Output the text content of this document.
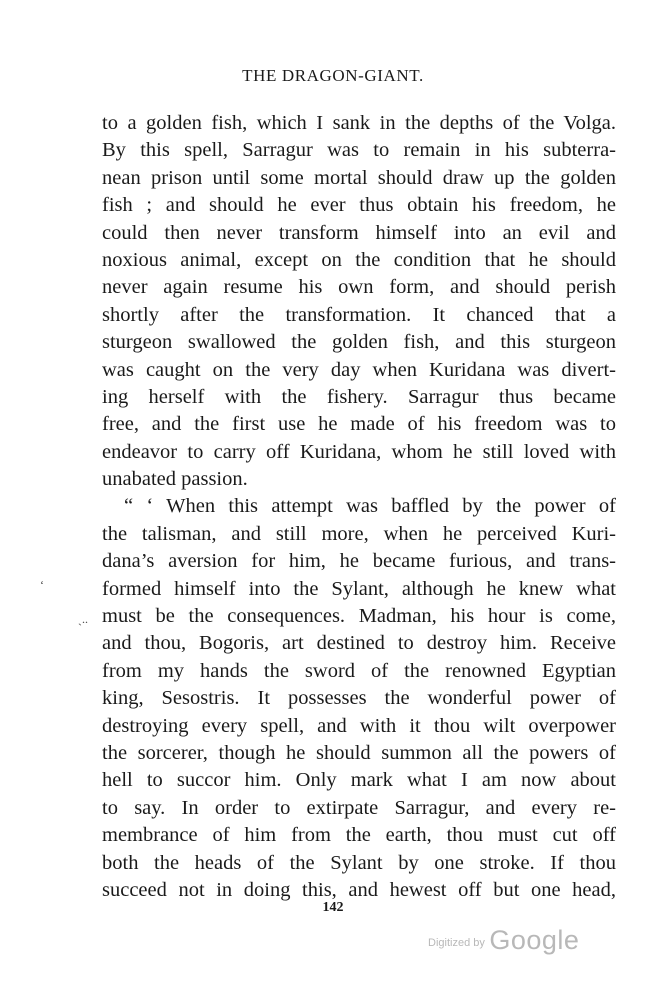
THE DRAGON-GIANT.
to a golden fish, which I sank in the depths of the Volga.
By this spell, Sarragur was to remain in his subterra-
nean prison until some mortal should draw up the golden
fish ; and should he ever thus obtain his freedom, he
could then never transform himself into an evil and
noxious animal, except on the condition that he should
never again resume his own form, and should perish
shortly after the transformation. It chanced that a
sturgeon swallowed the golden fish, and this sturgeon
was caught on the very day when Kuridana was divert-
ing herself with the fishery. Sarragur thus became
free, and the first use he made of his freedom was to
endeavor to carry off Kuridana, whom he still loved with
unabated passion.
“ ‘ When this attempt was baffled by the power of
the talisman, and still more, when he perceived Kuri-
dana’s aversion for him, he became furious, and trans-
formed himself into the Sylant, although he knew what
must be the consequences. Madman, his hour is come,
and thou, Bogoris, art destined to destroy him. Receive
from my hands the sword of the renowned Egyptian
king, Sesostris. It possesses the wonderful power of
destroying every spell, and with it thou wilt overpower
the sorcerer, though he should summon all the powers of
hell to succor him. Only mark what I am now about
to say. In order to extirpate Sarragur, and every re-
membrance of him from the earth, thou must cut off
both the heads of the Sylant by one stroke. If thou
succeed not in doing this, and hewest off but one head,
‘
ˏ..
142
Digitized by Google
